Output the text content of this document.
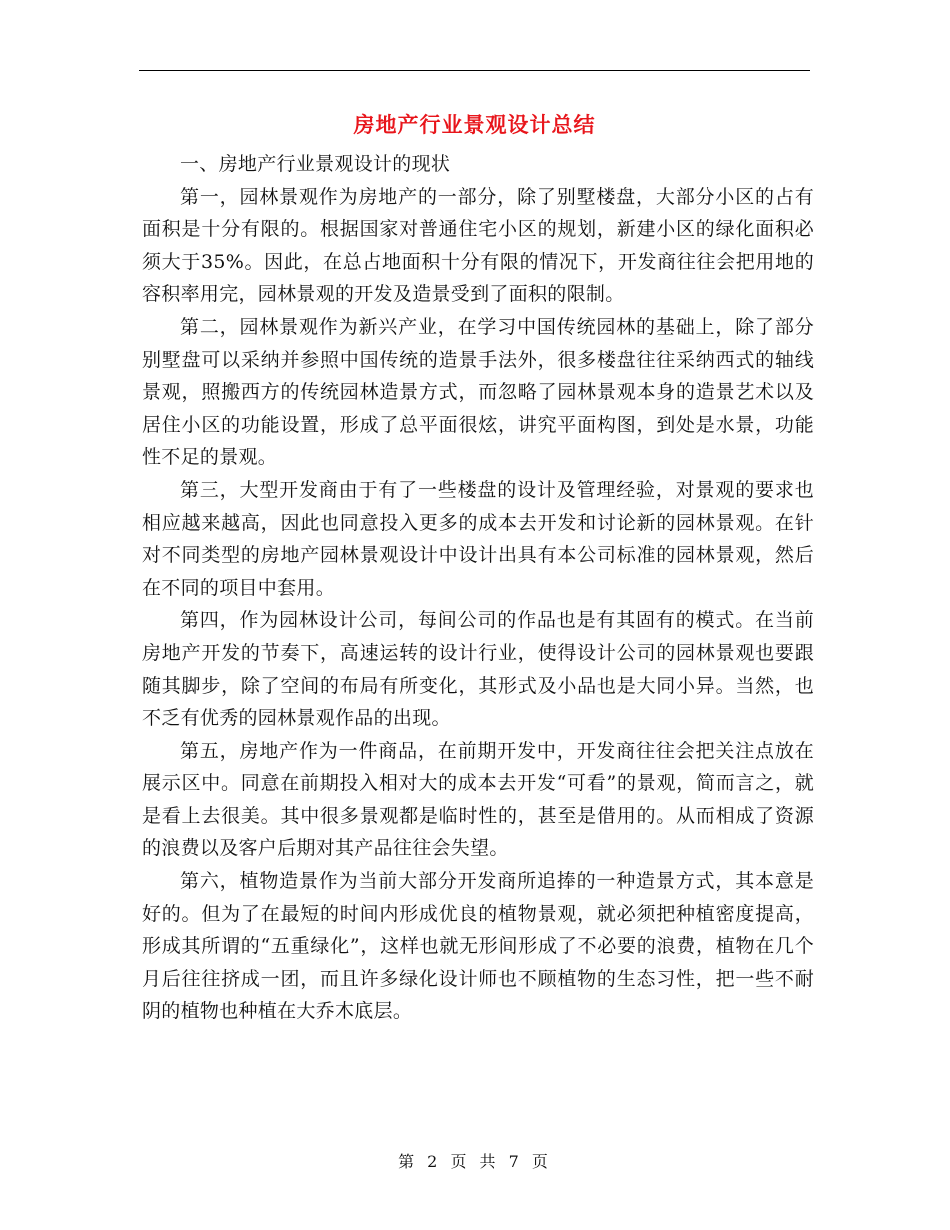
房地产行业景观设计总结

一、房地产行业景观设计的现状

第一，园林景观作为房地产的一部分，除了别墅楼盘，大部分小区的占有面积是十分有限的。根据国家对普通住宅小区的规划，新建小区的绿化面积必须大于35%。因此，在总占地面积十分有限的情况下，开发商往往会把用地的容积率用完，园林景观的开发及造景受到了面积的限制。

第二，园林景观作为新兴产业，在学习中国传统园林的基础上，除了部分别墅盘可以采纳并参照中国传统的造景手法外，很多楼盘往往采纳西式的轴线景观，照搬西方的传统园林造景方式，而忽略了园林景观本身的造景艺术以及居住小区的功能设置，形成了总平面很炫，讲究平面构图，到处是水景，功能性不足的景观。

第三，大型开发商由于有了一些楼盘的设计及管理经验，对景观的要求也相应越来越高，因此也同意投入更多的成本去开发和讨论新的园林景观。在针对不同类型的房地产园林景观设计中设计出具有本公司标准的园林景观，然后在不同的项目中套用。

第四，作为园林设计公司，每间公司的作品也是有其固有的模式。在当前房地产开发的节奏下，高速运转的设计行业，使得设计公司的园林景观也要跟随其脚步，除了空间的布局有所变化，其形式及小品也是大同小异。当然，也不乏有优秀的园林景观作品的出现。

第五，房地产作为一件商品，在前期开发中，开发商往往会把关注点放在展示区中。同意在前期投入相对大的成本去开发“可看”的景观，简而言之，就是看上去很美。其中很多景观都是临时性的，甚至是借用的。从而相成了资源的浪费以及客户后期对其产品往往会失望。

第六，植物造景作为当前大部分开发商所追捧的一种造景方式，其本意是好的。但为了在最短的时间内形成优良的植物景观，就必须把种植密度提高，形成其所谓的“五重绿化”，这样也就无形间形成了不必要的浪费，植物在几个月后往往挤成一团，而且许多绿化设计师也不顾植物的生态习性，把一些不耐阴的植物也种植在大乔木底层。

第 2 页 共 7 页
